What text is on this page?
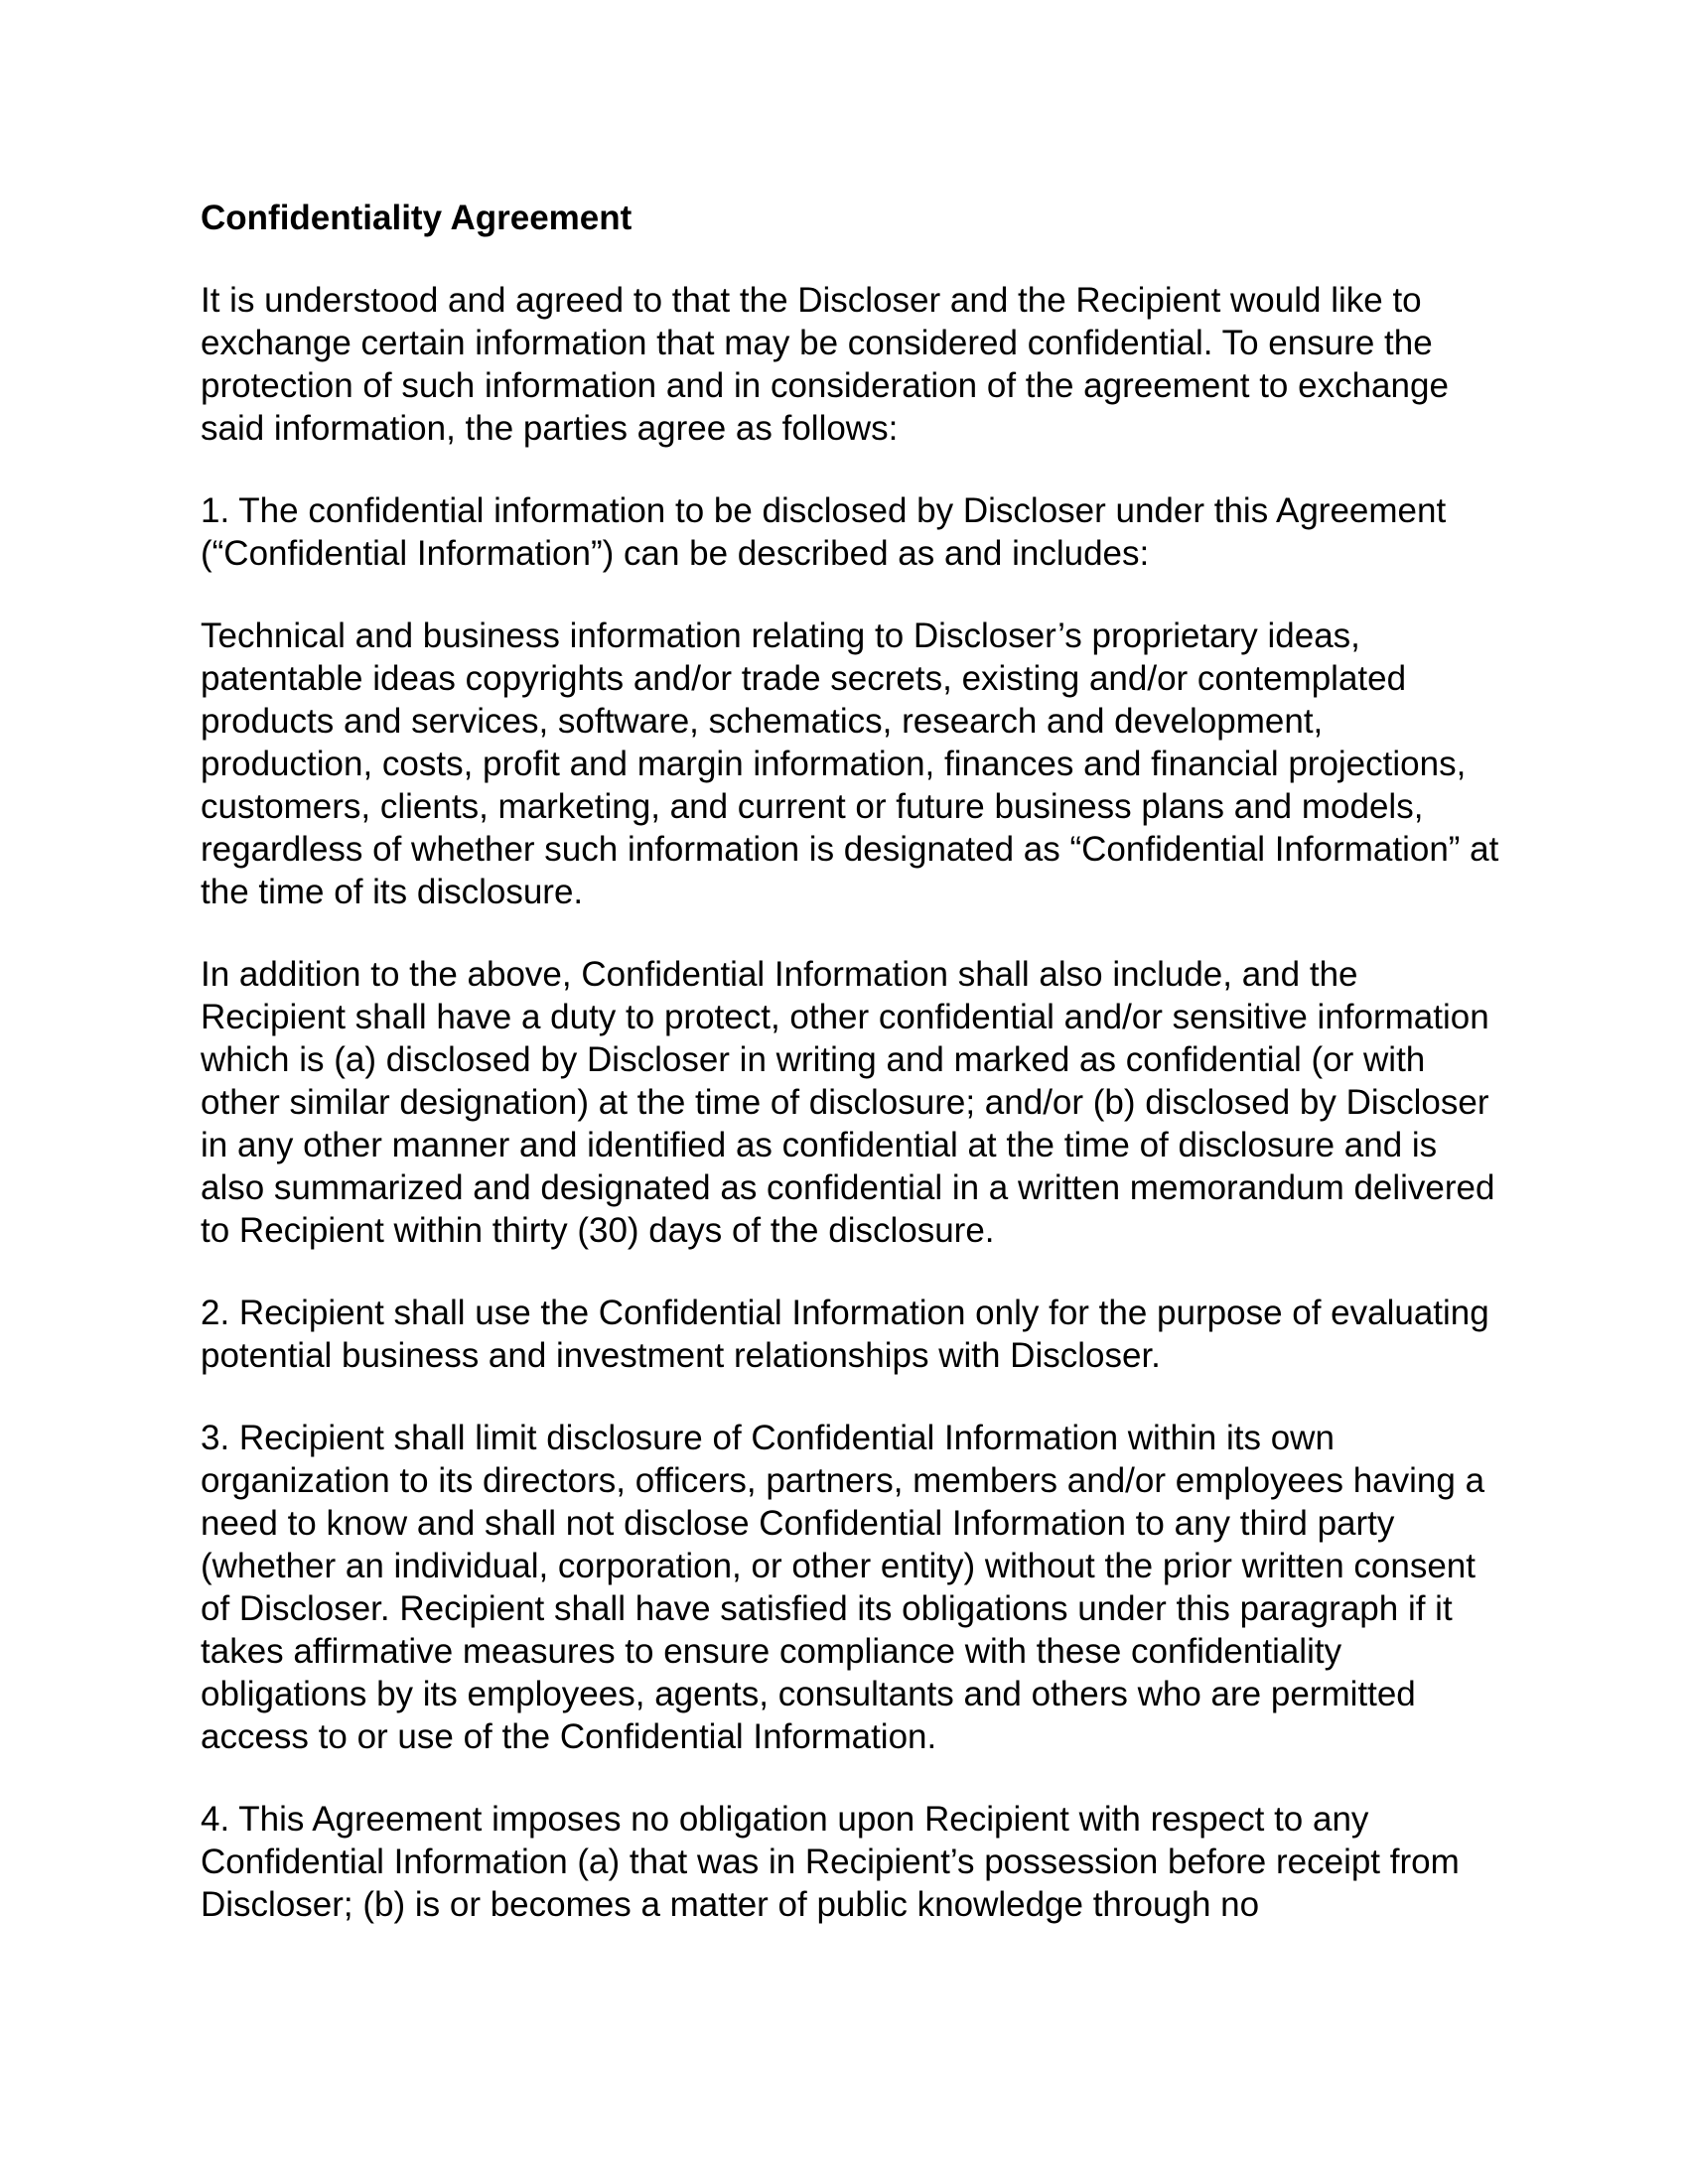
Confidentiality Agreement

It is understood and agreed to that the Discloser and the Recipient would like to exchange certain information that may be considered confidential. To ensure the protection of such information and in consideration of the agreement to exchange said information, the parties agree as follows:

1. The confidential information to be disclosed by Discloser under this Agreement (“Confidential Information”) can be described as and includes:

Technical and business information relating to Discloser’s proprietary ideas, patentable ideas copyrights and/or trade secrets, existing and/or contemplated products and services, software, schematics, research and development, production, costs, profit and margin information, finances and financial projections, customers, clients, marketing, and current or future business plans and models, regardless of whether such information is designated as “Confidential Information” at the time of its disclosure.

In addition to the above, Confidential Information shall also include, and the Recipient shall have a duty to protect, other confidential and/or sensitive information which is (a) disclosed by Discloser in writing and marked as confidential (or with other similar designation) at the time of disclosure; and/or (b) disclosed by Discloser in any other manner and identified as confidential at the time of disclosure and is also summarized and designated as confidential in a written memorandum delivered to Recipient within thirty (30) days of the disclosure.

2. Recipient shall use the Confidential Information only for the purpose of evaluating potential business and investment relationships with Discloser.

3. Recipient shall limit disclosure of Confidential Information within its own organization to its directors, officers, partners, members and/or employees having a need to know and shall not disclose Confidential Information to any third party (whether an individual, corporation, or other entity) without the prior written consent of Discloser. Recipient shall have satisfied its obligations under this paragraph if it takes affirmative measures to ensure compliance with these confidentiality obligations by its employees, agents, consultants and others who are permitted access to or use of the Confidential Information.

4. This Agreement imposes no obligation upon Recipient with respect to any Confidential Information (a) that was in Recipient’s possession before receipt from Discloser; (b) is or becomes a matter of public knowledge through no
